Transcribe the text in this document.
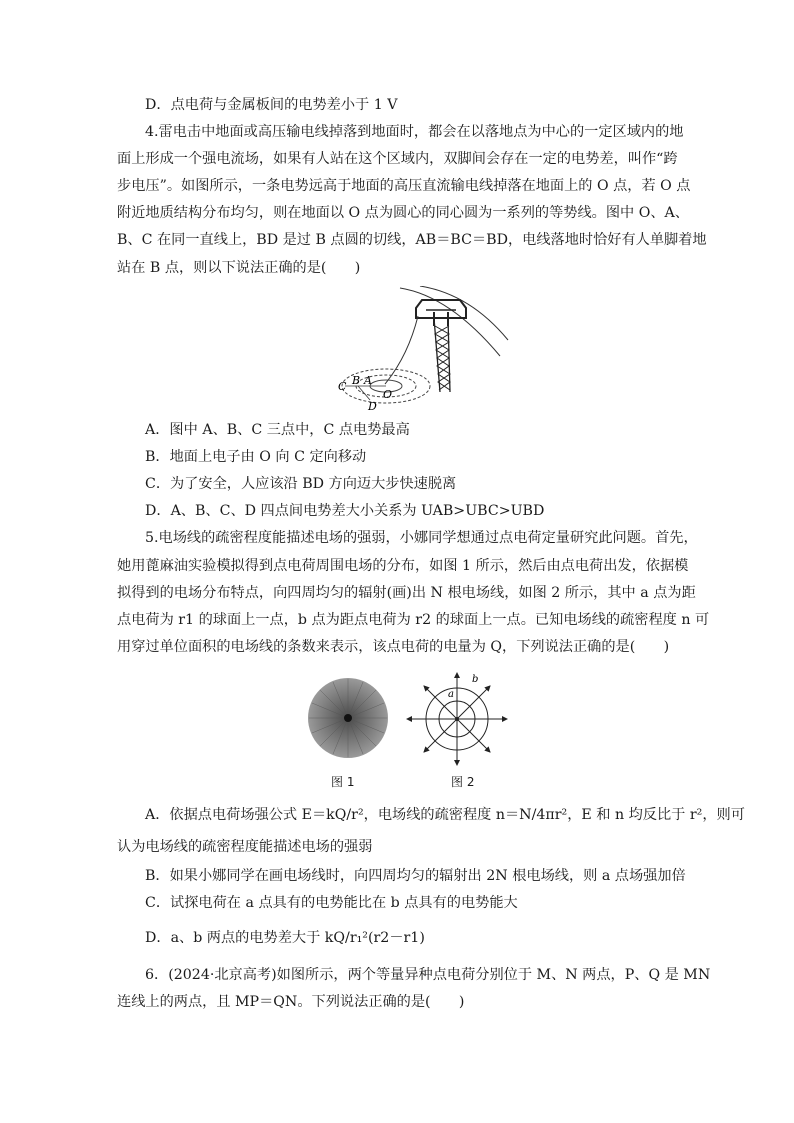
D．点电荷与金属板间的电势差小于 1 V
4.雷电击中地面或高压输电线掉落到地面时，都会在以落地点为中心的一定区域内的地
面上形成一个强电流场，如果有人站在这个区域内，双脚间会存在一定的电势差，叫作“跨
步电压”。如图所示，一条电势远高于地面的高压直流输电线掉落在地面上的 O 点，若 O 点
附近地质结构分布均匀，则在地面以 O 点为圆心的同心圆为一系列的等势线。图中 O、A、
B、C 在同一直线上，BD 是过 B 点圆的切线，AB＝BC＝BD，电线落地时恰好有人单脚着地
站在 B 点，则以下说法正确的是(　　)
C B A
O
D
A．图中 A、B、C 三点中，C 点电势最高
B．地面上电子由 O 向 C 定向移动
C．为了安全，人应该沿 BD 方向迈大步快速脱离
D．A、B、C、D 四点间电势差大小关系为 UAB>UBC>UBD
5.电场线的疏密程度能描述电场的强弱，小娜同学想通过点电荷定量研究此问题。首先，
她用蓖麻油实验模拟得到点电荷周围电场的分布，如图 1 所示，然后由点电荷出发，依据模
拟得到的电场分布特点，向四周均匀的辐射(画)出 N 根电场线，如图 2 所示，其中 a 点为距
点电荷为 r1 的球面上一点，b 点为距点电荷为 r2 的球面上一点。已知电场线的疏密程度 n 可
用穿过单位面积的电场线的条数来表示，该点电荷的电量为 Q，下列说法正确的是(　　)
图 1
a
b
图 2
A．依据点电荷场强公式 E＝kQ/r²，电场线的疏密程度 n＝N/4πr²，E 和 n 均反比于 r²，则可
认为电场线的疏密程度能描述电场的强弱
B．如果小娜同学在画电场线时，向四周均匀的辐射出 2N 根电场线，则 a 点场强加倍
C．试探电荷在 a 点具有的电势能比在 b 点具有的电势能大
D．a、b 两点的电势差大于 kQ/r₁²(r2－r1)
6．(2024·北京高考)如图所示，两个等量异种点电荷分别位于 M、N 两点，P、Q 是 MN
连线上的两点，且 MP＝QN。下列说法正确的是(　　)
